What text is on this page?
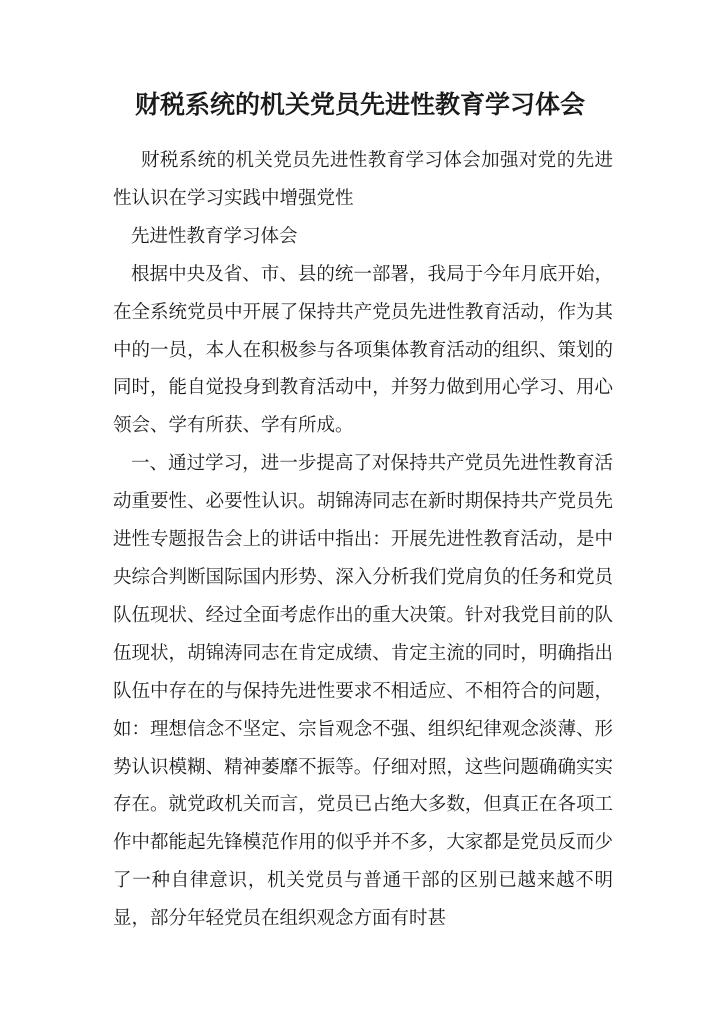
财税系统的机关党员先进性教育学习体会

财税系统的机关党员先进性教育学习体会加强对党的先进性认识在学习实践中增强党性

先进性教育学习体会

根据中央及省、市、县的统一部署，我局于今年月底开始，在全系统党员中开展了保持共产党员先进性教育活动，作为其中的一员，本人在积极参与各项集体教育活动的组织、策划的同时，能自觉投身到教育活动中，并努力做到用心学习、用心领会、学有所获、学有所成。

一、通过学习，进一步提高了对保持共产党员先进性教育活动重要性、必要性认识。胡锦涛同志在新时期保持共产党员先进性专题报告会上的讲话中指出：开展先进性教育活动，是中央综合判断国际国内形势、深入分析我们党肩负的任务和党员队伍现状、经过全面考虑作出的重大决策。针对我党目前的队伍现状，胡锦涛同志在肯定成绩、肯定主流的同时，明确指出队伍中存在的与保持先进性要求不相适应、不相符合的问题，如：理想信念不坚定、宗旨观念不强、组织纪律观念淡薄、形势认识模糊、精神萎靡不振等。仔细对照，这些问题确确实实存在。就党政机关而言，党员已占绝大多数，但真正在各项工作中都能起先锋模范作用的似乎并不多，大家都是党员反而少了一种自律意识，机关党员与普通干部的区别已越来越不明显，部分年轻党员在组织观念方面有时甚
